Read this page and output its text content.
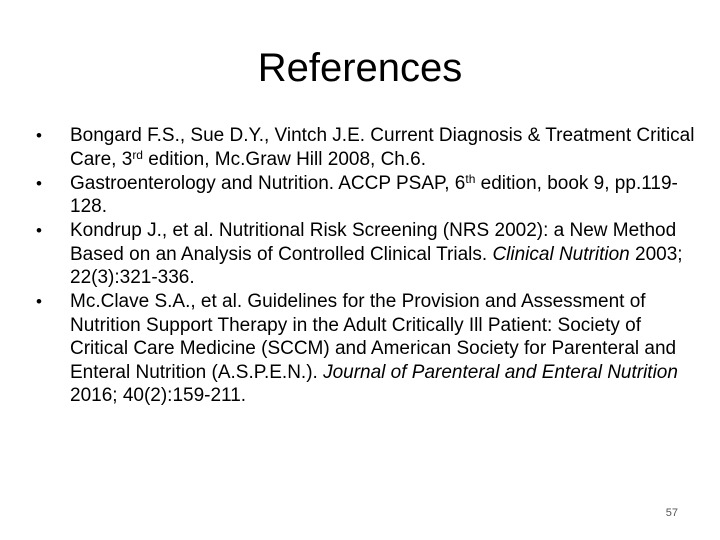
References
•	Bongard F.S., Sue D.Y., Vintch J.E. Current Diagnosis & Treatment Critical Care, 3rd edition, Mc.Graw Hill 2008, Ch.6.
•	Gastroenterology and Nutrition. ACCP PSAP, 6th edition, book 9, pp.119-128.
•	Kondrup J., et al. Nutritional Risk Screening (NRS 2002): a New Method Based on an Analysis of Controlled Clinical Trials. Clinical Nutrition 2003; 22(3):321-336.
•	Mc.Clave S.A., et al. Guidelines for the Provision and Assessment of Nutrition Support Therapy in the Adult Critically Ill Patient: Society of Critical Care Medicine (SCCM) and American Society for Parenteral and Enteral Nutrition (A.S.P.E.N.). Journal of Parenteral and Enteral Nutrition 2016; 40(2):159-211.
57
